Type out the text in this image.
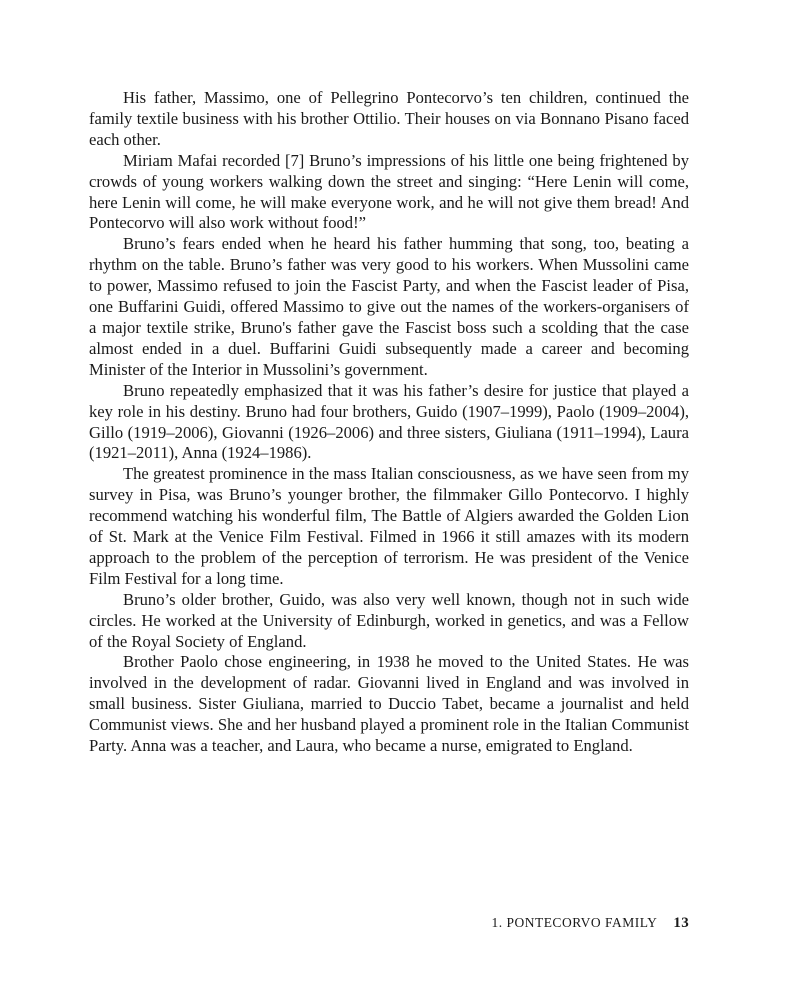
His father, Massimo, one of Pellegrino Pontecorvo’s ten children, continued the family textile business with his brother Ottilio. Their houses on via Bonnano Pisano faced each other.

Miriam Mafai recorded [7] Bruno’s impressions of his little one being frightened by crowds of young workers walking down the street and singing: “Here Lenin will come, here Lenin will come, he will make everyone work, and he will not give them bread! And Pontecorvo will also work without food!”

Bruno’s fears ended when he heard his father humming that song, too, beating a rhythm on the table. Bruno’s father was very good to his workers. When Mussolini came to power, Massimo refused to join the Fascist Party, and when the Fascist leader of Pisa, one Buffarini Guidi, offered Massimo to give out the names of the workers-organisers of a major textile strike, Bruno's father gave the Fascist boss such a scolding that the case almost ended in a duel. Buffarini Guidi subsequently made a career and becoming Minister of the Interior in Mussolini’s government.

Bruno repeatedly emphasized that it was his father’s desire for justice that played a key role in his destiny. Bruno had four brothers, Guido (1907–1999), Paolo (1909–2004), Gillo (1919–2006), Giovanni (1926–​2006) and three sisters, Giuliana (1911–1994), Laura (1921–2011), Anna (1924–1986).

The greatest prominence in the mass Italian consciousness, as we have seen from my survey in Pisa, was Bruno’s younger brother, the filmmaker Gillo Pontecorvo. I highly recommend watching his wonderful film, The Battle of Algiers awarded the Golden Lion of St. Mark at the Venice Film Festival. Filmed in 1966 it still amazes with its modern approach to the problem of the perception of terrorism. He was president of the Venice Film Festival for a long time.

Bruno’s older brother, Guido, was also very well known, though not in such wide circles. He worked at the University of Edinburgh, worked in genetics, and was a Fellow of the Royal Society of England.

Brother Paolo chose engineering, in 1938 he moved to the United States. He was involved in the development of radar. Giovanni lived in England and was involved in small business. Sister Giuliana, married to Duccio Tabet, became a journalist and held Communist views. She and her husband played a prominent role in the Italian Communist Party. Anna was a teacher, and Laura, who became a nurse, emigrated to England.

1. PONTECORVO FAMILY 13
